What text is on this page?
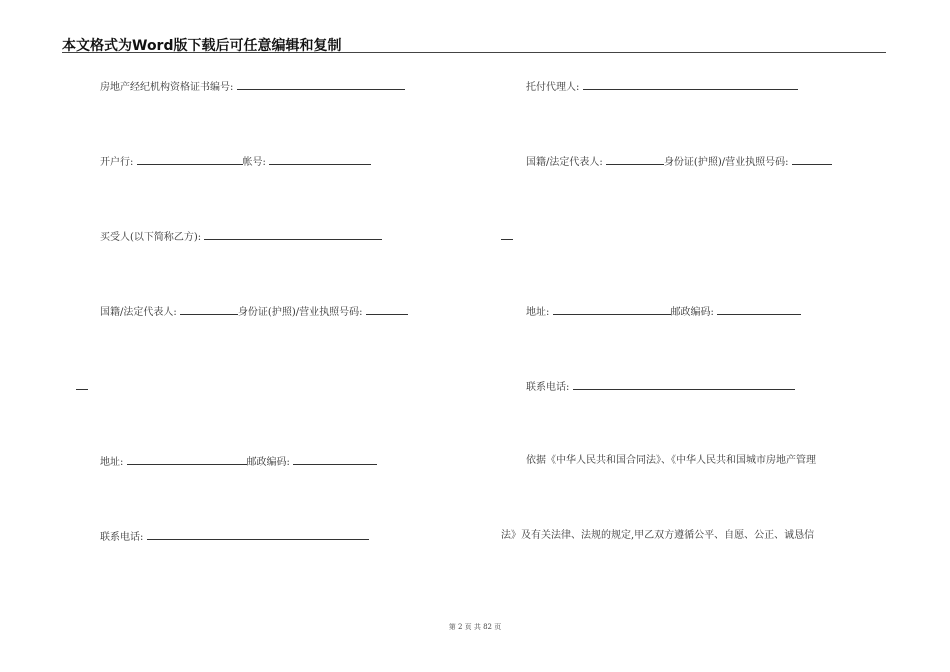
本文格式为Word版下载后可任意编辑和复制
房地产经纪机构资格证书编号:
开户行:	帐号:
买受人(以下简称乙方):
国籍/法定代表人:	身份证(护照)/营业执照号码:
地址:	邮政编码:
联系电话:
托付代理人:
国籍/法定代表人:	身份证(护照)/营业执照号码:
地址:	邮政编码:
联系电话:
依据《中华人民共和国合同法》、《中华人民共和国城市房地产管理
法》及有关法律、法规的规定,甲乙双方遵循公平、自愿、公正、诚恳信
第 2 页 共 82 页
